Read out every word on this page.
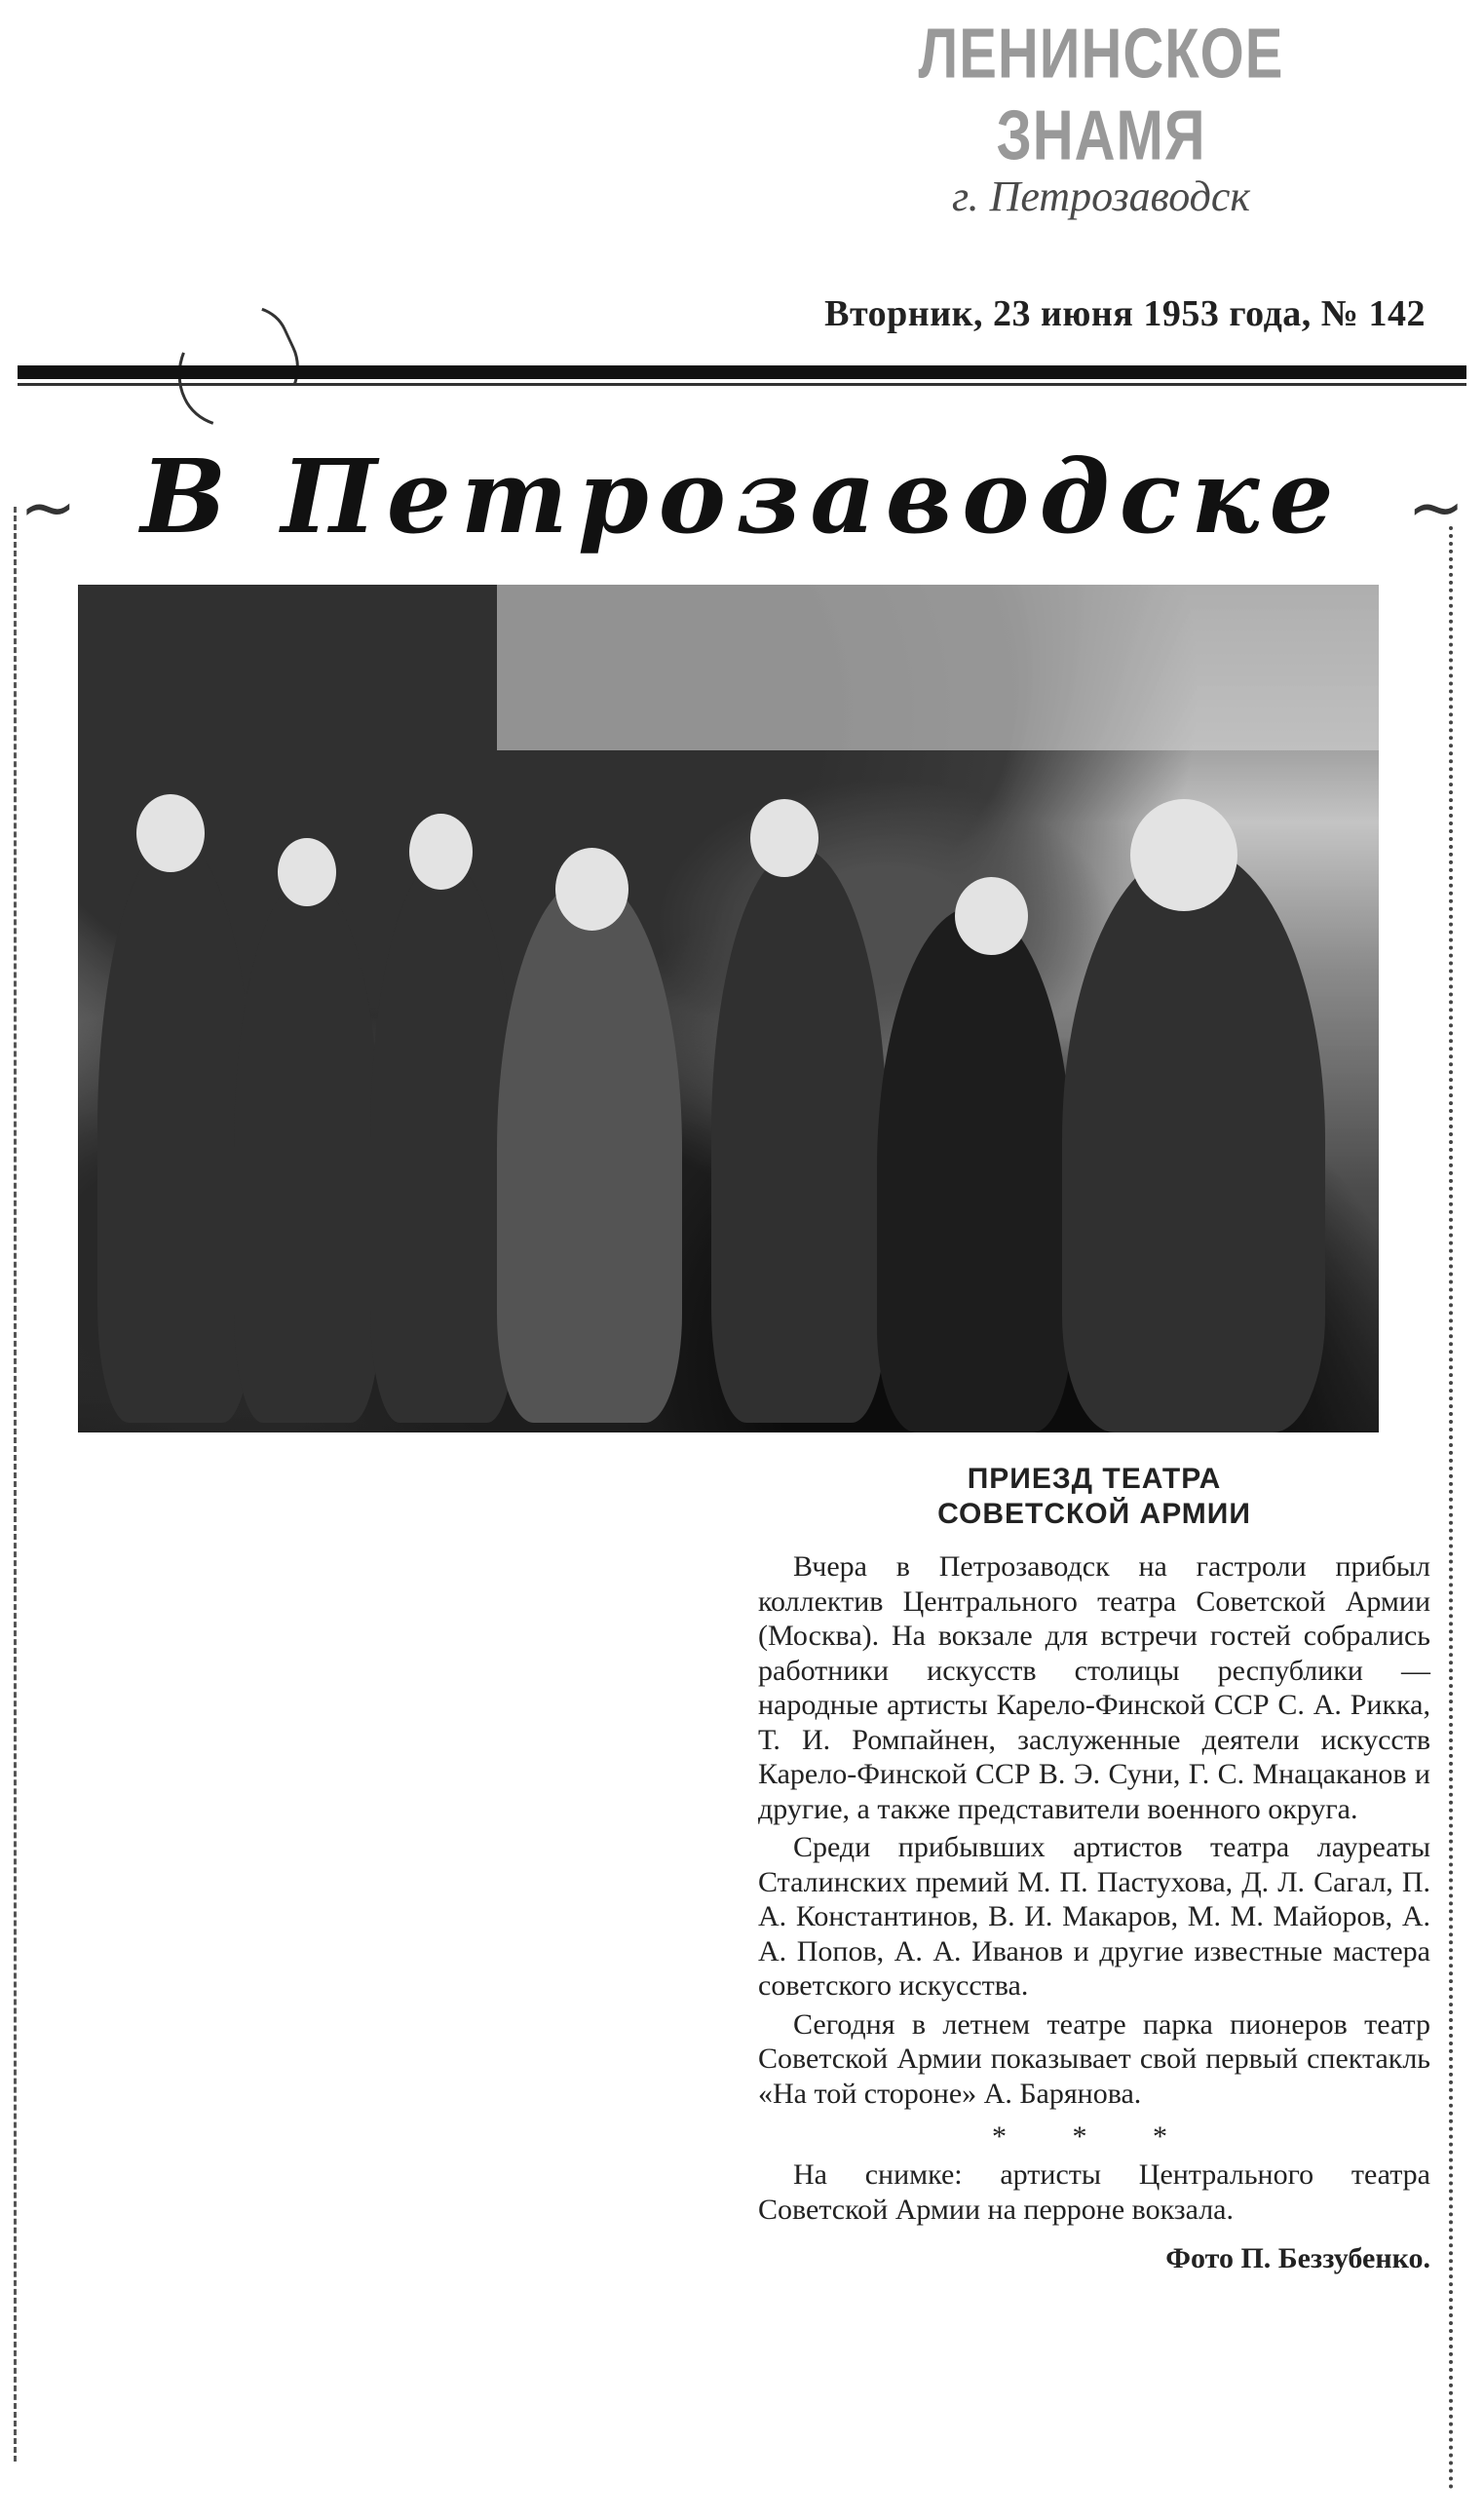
ЛЕНИНСКОЕ ЗНАМЯ
г. Петрозаводск
Вторник, 23 июня 1953 года, № 142
~ В Петрозаводске ~
ПРИЕЗД ТЕАТРА
СОВЕТСКОЙ АРМИИ

Вчера в Петрозаводск на гастроли прибыл коллектив Центрального театра Советской Армии (Москва). На вокзале для встречи гостей собрались работники искусств столицы республики — народные артисты Карело-Финской ССР С. А. Рикка, Т. И. Ромпайнен, заслуженные деятели искусств Карело-Финской ССР В. Э. Суни, Г. С. Мнацаканов и другие, а также представители военного округа.

Среди прибывших артистов театра лауреаты Сталинских премий М. П. Пастухова, Д. Л. Сагал, П. А. Константинов, В. И. Макаров, М. М. Майоров, А. А. Попов, А. А. Иванов и другие известные мастера советского искусства.

Сегодня в летнем театре парка пионеров театр Советской Армии показывает свой первый спектакль «На той стороне» А. Барянова.

* * *

На снимке: артисты Центрального театра Советской Армии на перроне вокзала.

Фото П. Беззубенко.
